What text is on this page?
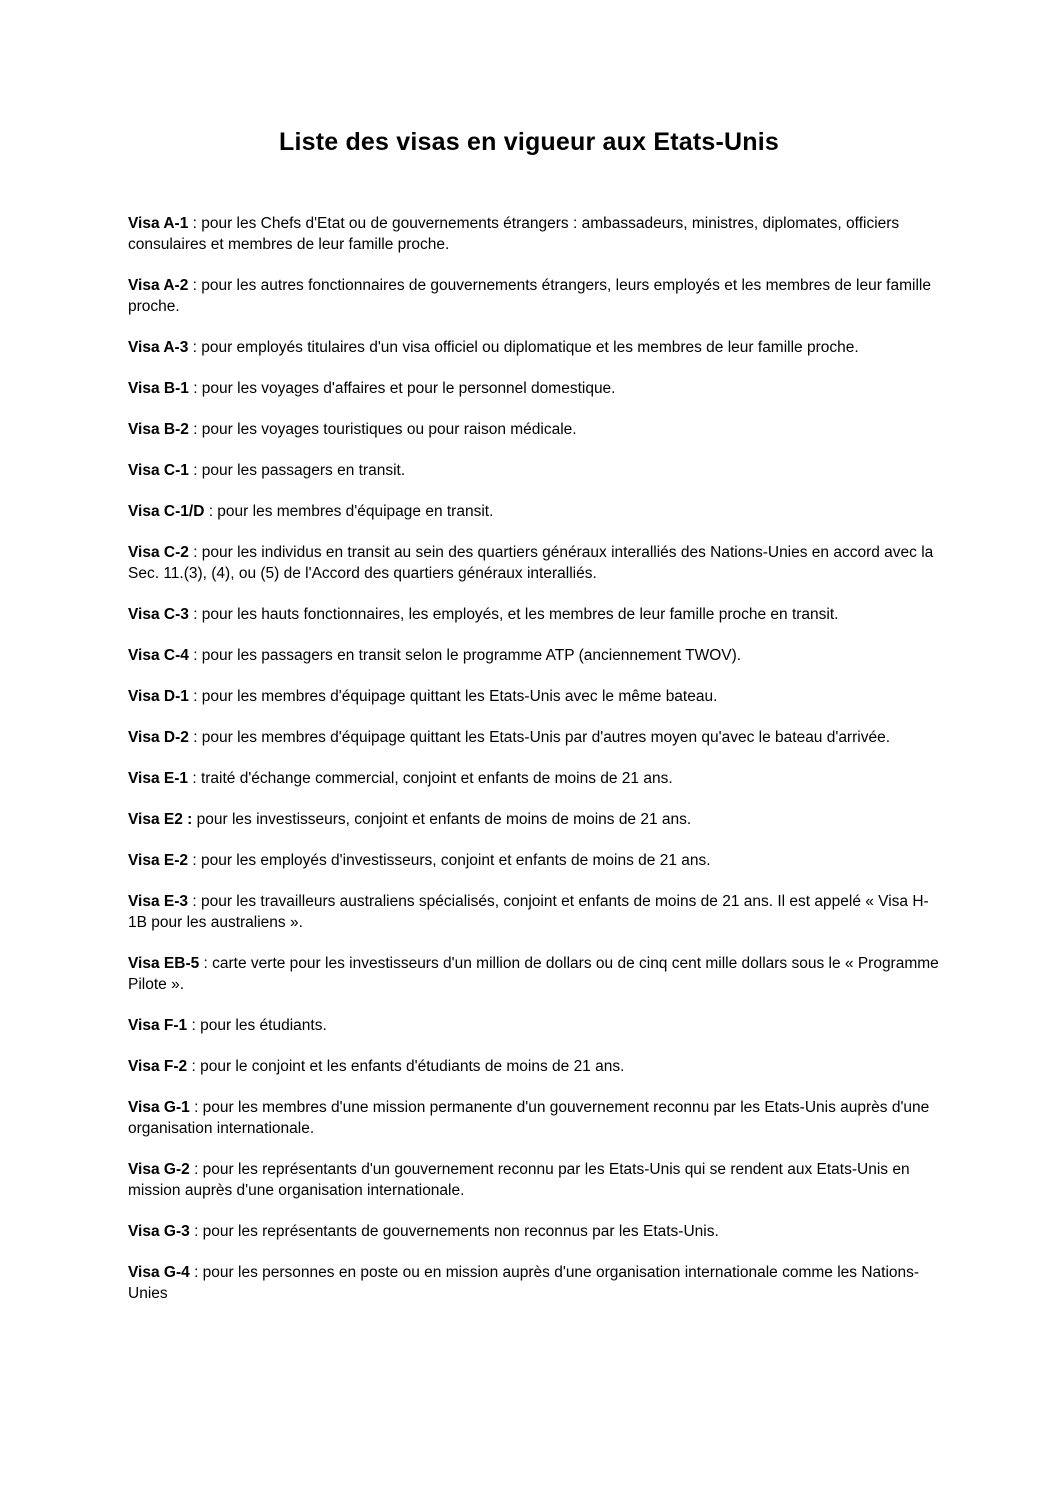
Liste des visas en vigueur aux Etats-Unis
Visa A-1 : pour les Chefs d'Etat ou de gouvernements étrangers : ambassadeurs, ministres, diplomates, officiers consulaires et membres de leur famille proche.
Visa A-2 : pour les autres fonctionnaires de gouvernements étrangers, leurs employés et les membres de leur famille proche.
Visa A-3 : pour employés titulaires d'un visa officiel ou diplomatique et les membres de leur famille proche.
Visa B-1 : pour les voyages d'affaires et pour le personnel domestique.
Visa B-2 : pour les voyages touristiques ou pour raison médicale.
Visa C-1 : pour les passagers en transit.
Visa C-1/D : pour les membres d'équipage en transit.
Visa C-2 : pour les individus en transit au sein des quartiers généraux interalliés des Nations-Unies en accord avec la Sec. 11.(3), (4), ou (5) de l'Accord des quartiers généraux interalliés.
Visa C-3 : pour les hauts fonctionnaires, les employés, et les membres de leur famille proche en transit.
Visa C-4 : pour les passagers en transit selon le programme ATP (anciennement TWOV).
Visa D-1 : pour les membres d'équipage quittant les Etats-Unis avec le même bateau.
Visa D-2 : pour les membres d'équipage quittant les Etats-Unis par d'autres moyen qu'avec le bateau d'arrivée.
Visa E-1 : traité d'échange commercial, conjoint et enfants de moins de 21 ans.
Visa E2 : pour les investisseurs, conjoint et enfants de moins de moins de 21 ans.
Visa E-2 : pour les employés d'investisseurs, conjoint et enfants de moins de 21 ans.
Visa E-3 : pour les travailleurs australiens spécialisés, conjoint et enfants de moins de 21 ans. Il est appelé « Visa H-1B pour les australiens ».
Visa EB-5 : carte verte pour les investisseurs d'un million de dollars ou de cinq cent mille dollars sous le « Programme Pilote ».
Visa F-1 : pour les étudiants.
Visa F-2 : pour le conjoint et les enfants d'étudiants de moins de 21 ans.
Visa G-1 : pour les membres d'une mission permanente d'un gouvernement reconnu par les Etats-Unis auprès d'une organisation internationale.
Visa G-2 : pour les représentants d'un gouvernement reconnu par les Etats-Unis qui se rendent aux Etats-Unis en mission auprès d'une organisation internationale.
Visa G-3 : pour les représentants de gouvernements non reconnus par les Etats-Unis.
Visa G-4 : pour les personnes en poste ou en mission auprès d'une organisation internationale comme les Nations-Unies
